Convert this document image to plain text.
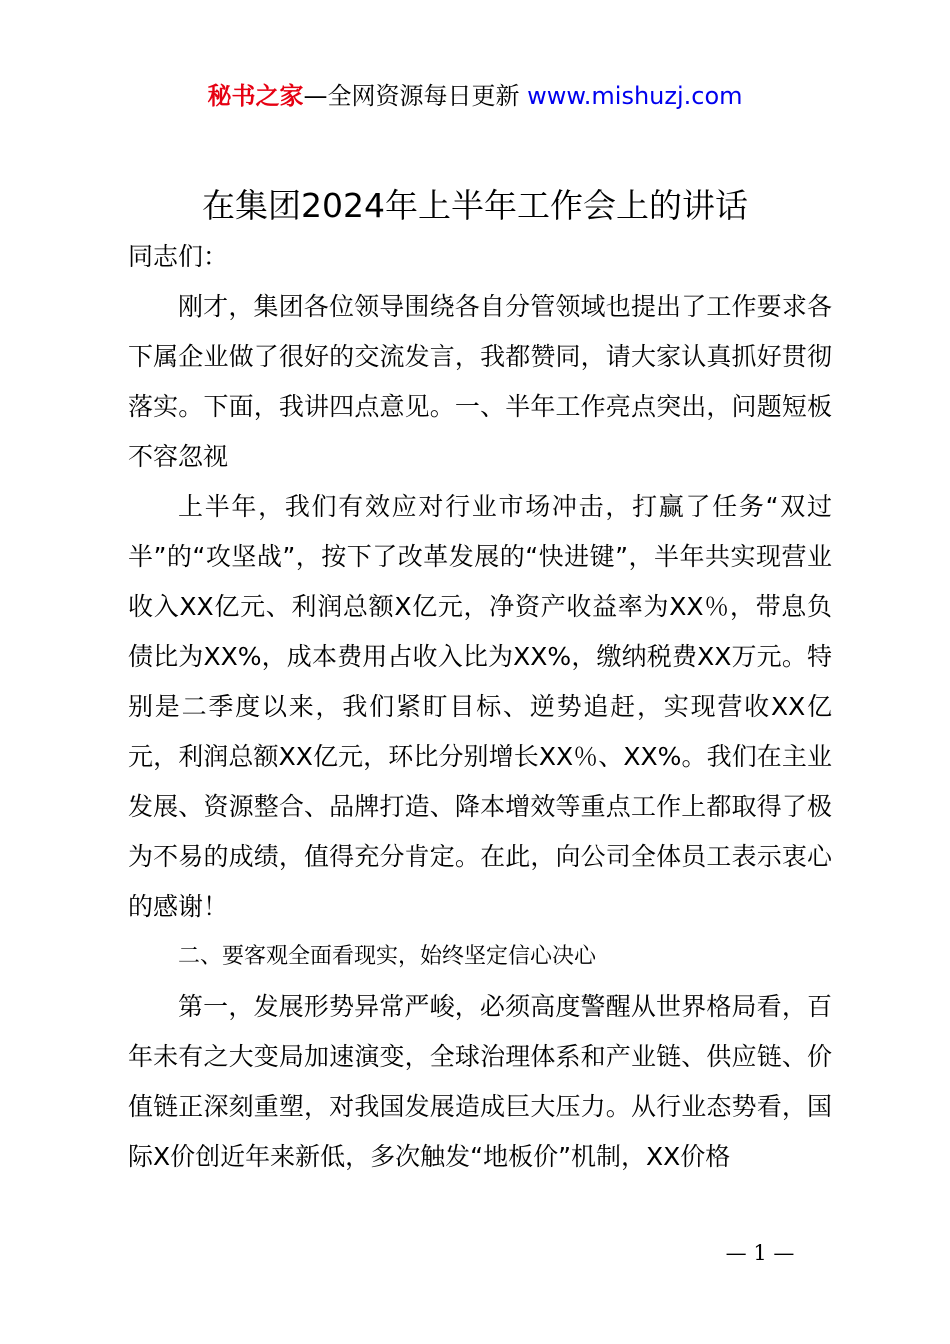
秘书之家—全网资源每日更新 www.mishuzj.com
在集团2024年上半年工作会上的讲话

同志们：

刚才，集团各位领导围绕各自分管领域也提出了工作要求各下属企业做了很好的交流发言，我都赞同，请大家认真抓好贯彻落实。下面，我讲四点意见。一、半年工作亮点突出，问题短板不容忽视

上半年，我们有效应对行业市场冲击，打赢了任务“双过半”的“攻坚战”，按下了改革发展的“快进键”，半年共实现营业收入XX亿元、利润总额X亿元，净资产收益率为XX％，带息负债比为XX%，成本费用占收入比为XX%，缴纳税费XX万元。特别是二季度以来，我们紧盯目标、逆势追赶，实现营收XX亿元，利润总额XX亿元，环比分别增长XX％、XX%。我们在主业发展、资源整合、品牌打造、降本增效等重点工作上都取得了极为不易的成绩，值得充分肯定。在此，向公司全体员工表示衷心的感谢！

二、要客观全面看现实，始终坚定信心决心

第一，发展形势异常严峻，必须高度警醒从世界格局看，百年未有之大变局加速演变，全球治理体系和产业链、供应链、价值链正深刻重塑，对我国发展造成巨大压力。从行业态势看，国际X价创近年来新低，多次触发“地板价”机制，XX价格

— 1 —
